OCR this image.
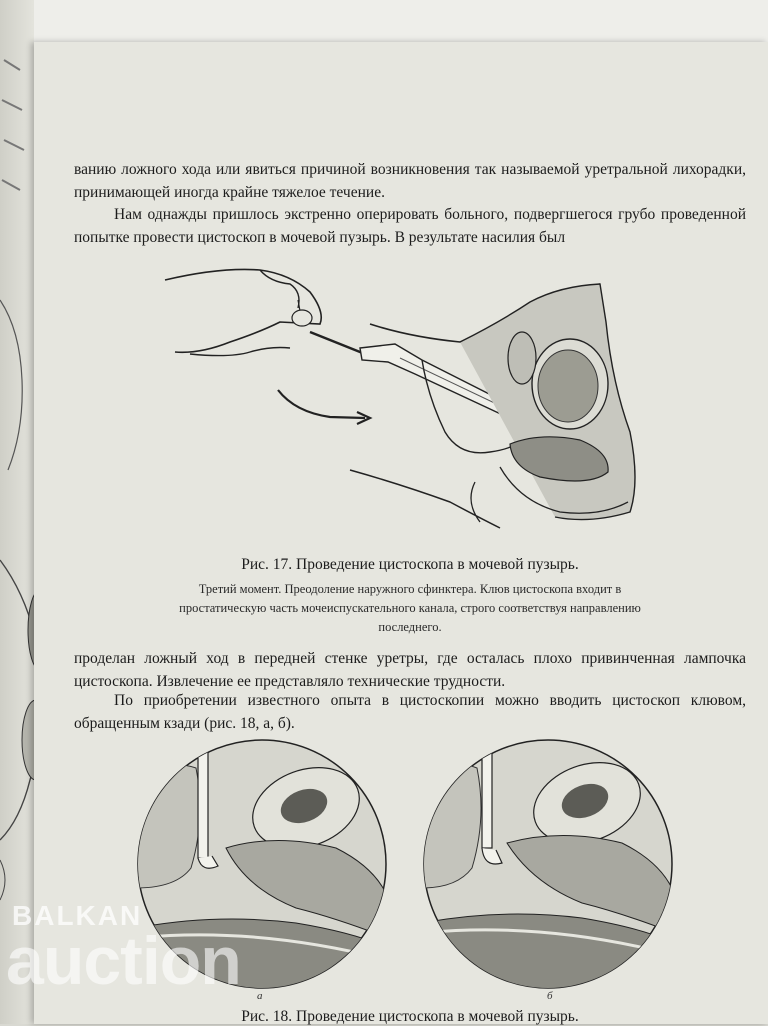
ванию ложного хода или явиться причиной возникновения так называемой уретральной лихорадки, принимающей иногда крайне тяжелое течение.

Нам однажды пришлось экстренно оперировать больного, подвергшегося грубо проведенной попытке провести цистоскоп в мочевой пузырь. В результате насилия был

Рис. 17. Проведение цистоскопа в мочевой пузырь.
Третий момент. Преодоление наружного сфинктера. Клюв цистоскопа входит в простатическую часть мочеиспускательного канала, строго соответствуя направлению последнего.

проделан ложный ход в передней стенке уретры, где осталась плохо привинченная лампочка цистоскопа. Извлечение ее представляло технические трудности.

По приобретении известного опыта в цистоскопии можно вводить цистоскоп клювом, обращенным кзади (рис. 18, а, б).

а	б
Рис. 18. Проведение цистоскопа в мочевой пузырь.
BALKAN
auction
